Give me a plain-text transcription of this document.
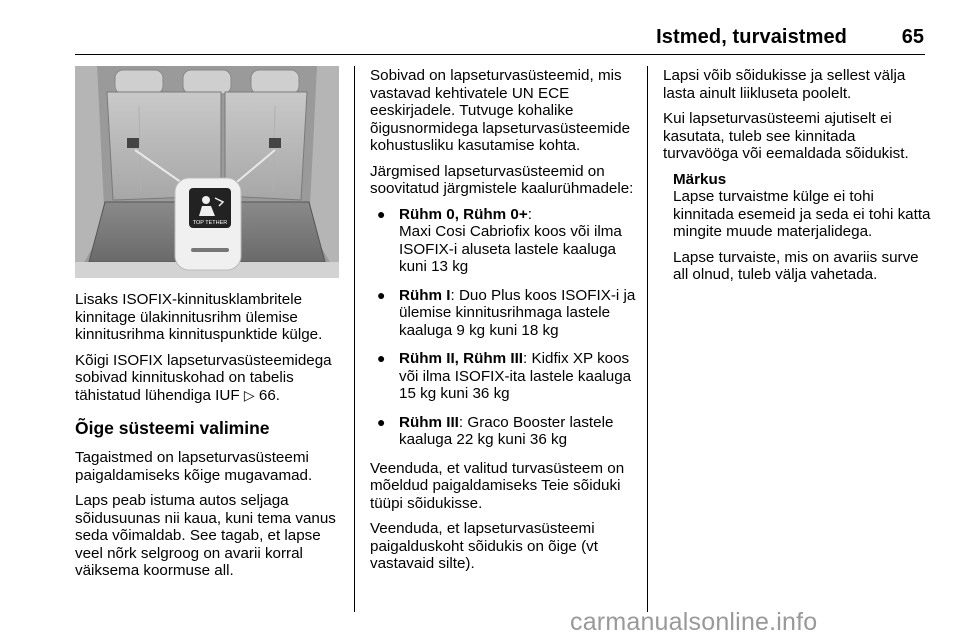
Istmed, turvaistmed	65
TOP TETHER

Lisaks ISOFIX-kinnitusklambritele kinnitage ülakinnitusrihm ülemise kinnitusrihma kinnituspunktide külge.

Kõigi ISOFIX lapseturvasüsteemidega sobivad kinnituskohad on tabelis tähistatud lühendiga IUF ▷ 66.

Õige süsteemi valimine

Tagaistmed on lapseturvasüsteemi paigaldamiseks kõige mugavamad.

Laps peab istuma autos seljaga sõidusuunas nii kaua, kuni tema vanus seda võimaldab. See tagab, et lapse veel nõrk selgroog on avarii korral väiksema koormuse all.

Sobivad on lapseturvasüsteemid, mis vastavad kehtivatele UN ECE eeskirjadele. Tutvuge kohalike õigusnormidega lapseturvasüsteemide kohustusliku kasutamise kohta.

Järgmised lapseturvasüsteemid on soovitatud järgmistele kaalurühmadele:

● Rühm 0, Rühm 0+:
Maxi Cosi Cabriofix koos või ilma ISOFIX-i aluseta lastele kaaluga kuni 13 kg
● Rühm I: Duo Plus koos ISOFIX-i ja ülemise kinnitusrihmaga lastele kaaluga 9 kg kuni 18 kg
● Rühm II, Rühm III: Kidfix XP koos või ilma ISOFIX-ita lastele kaaluga 15 kg kuni 36 kg
● Rühm III: Graco Booster lastele kaaluga 22 kg kuni 36 kg

Veenduda, et valitud turvasüsteem on mõeldud paigaldamiseks Teie sõiduki tüüpi sõidukisse.

Veenduda, et lapseturvasüsteemi paigalduskoht sõidukis on õige (vt vastavaid silte).

Lapsi võib sõidukisse ja sellest välja lasta ainult liikluseta poolelt.

Kui lapseturvasüsteemi ajutiselt ei kasutata, tuleb see kinnitada turvavööga või eemaldada sõidukist.

Märkus

Lapse turvaistme külge ei tohi kinnitada esemeid ja seda ei tohi katta mingite muude materjalidega.

Lapse turvaiste, mis on avariis surve all olnud, tuleb välja vahetada.

carmanualsonline.info
